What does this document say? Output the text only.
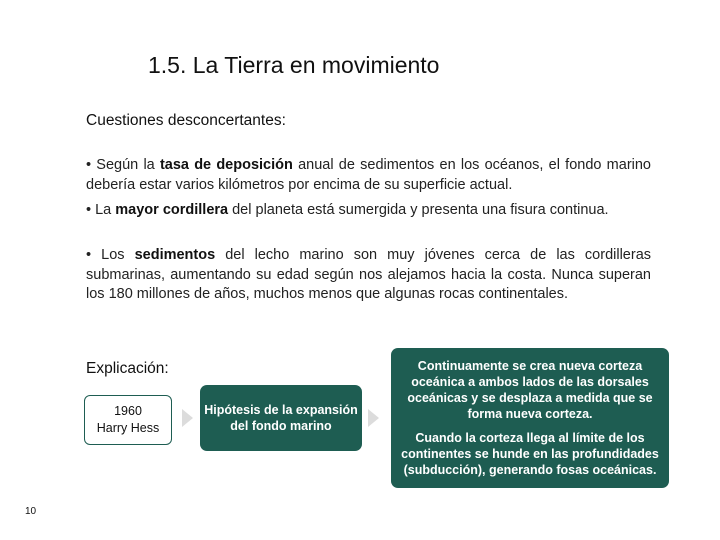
1.5. La Tierra en movimiento
Cuestiones desconcertantes:
• Según la tasa de deposición anual de sedimentos en los océanos, el fondo marino debería estar varios kilómetros por encima de su superficie actual.
• La mayor cordillera del planeta está sumergida y presenta una fisura continua.
• Los sedimentos del lecho marino son muy jóvenes cerca de las cordilleras submarinas, aumentando su edad según nos alejamos hacia la costa. Nunca superan los 180 millones de años, muchos menos que algunas rocas continentales.
Explicación:
1960
Harry Hess
Hipótesis de la expansión del fondo marino
Continuamente se crea nueva corteza oceánica a ambos lados de las dorsales oceánicas y se desplaza a medida que se forma nueva corteza.
Cuando la corteza llega al límite de los continentes se hunde en las profundidades (subducción), generando fosas oceánicas.
10
